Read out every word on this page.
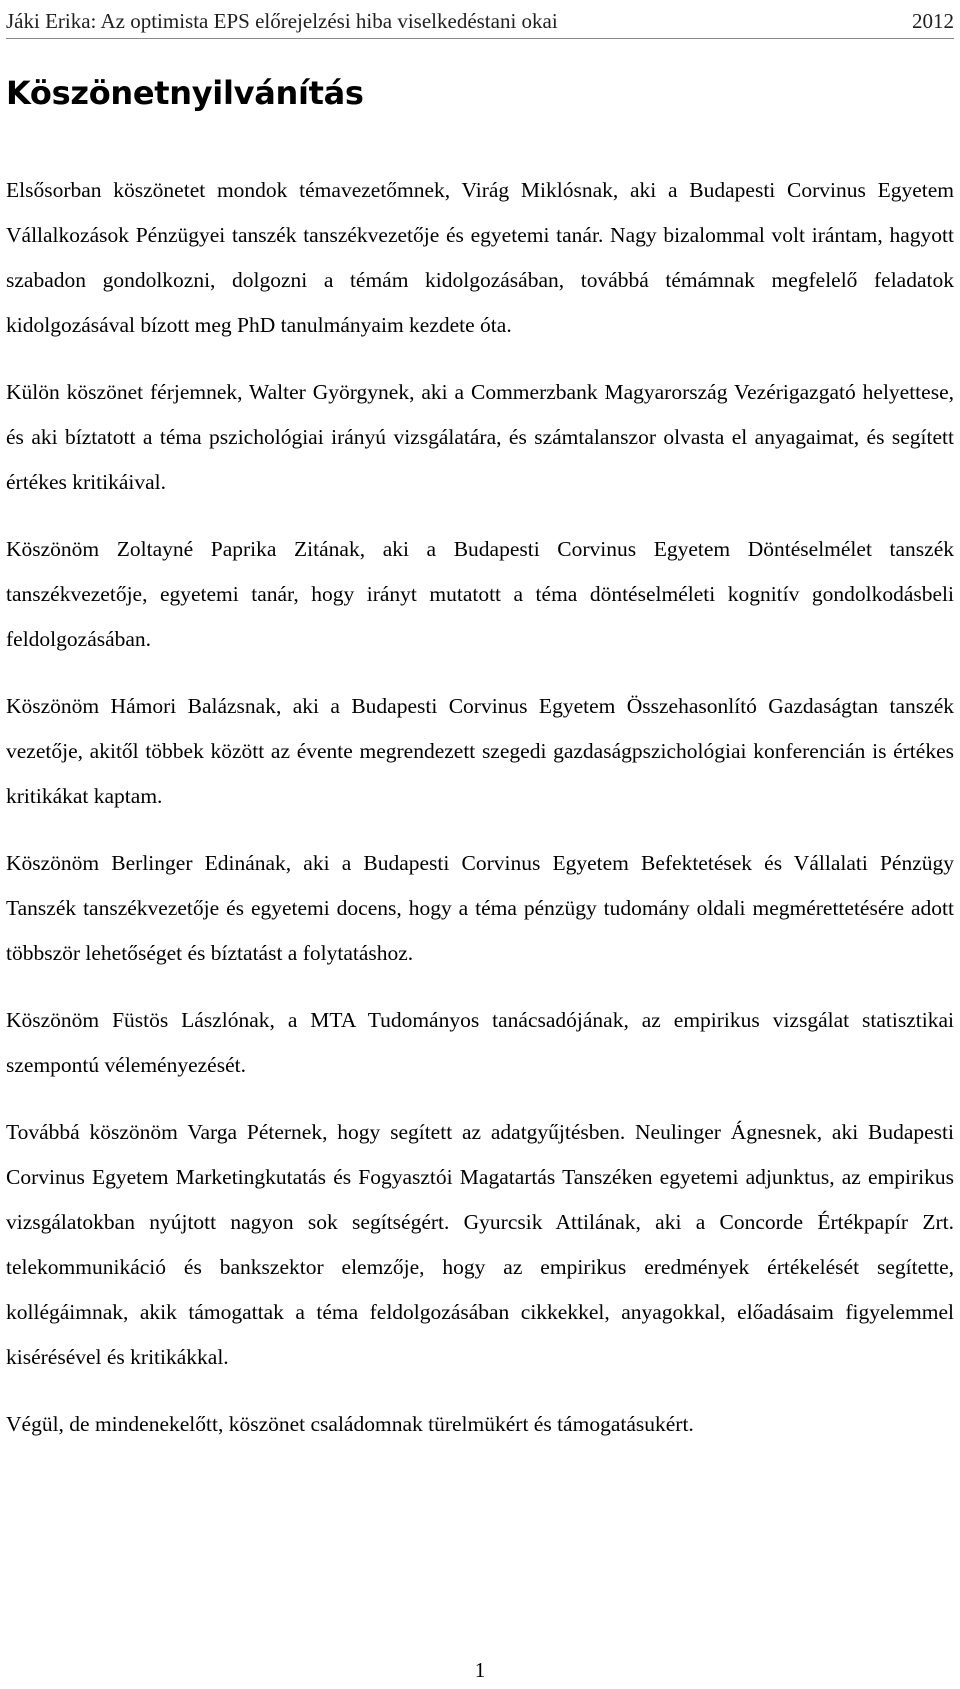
Jáki Erika: Az optimista EPS előrejelzési hiba viselkedéstani okai	2012
Köszönetnyilvánítás

Elsősorban köszönetet mondok témavezetőmnek, Virág Miklósnak, aki a Budapesti Corvinus Egyetem Vállalkozások Pénzügyei tanszék tanszékvezetője és egyetemi tanár. Nagy bizalommal volt irántam, hagyott szabadon gondolkozni, dolgozni a témám kidolgozásában, továbbá témámnak megfelelő feladatok kidolgozásával bízott meg PhD tanulmányaim kezdete óta.

Külön köszönet férjemnek, Walter Györgynek, aki a Commerzbank Magyarország Vezérigazgató helyettese, és aki bíztatott a téma pszichológiai irányú vizsgálatára, és számtalanszor olvasta el anyagaimat, és segített értékes kritikáival.

Köszönöm Zoltayné Paprika Zitának, aki a Budapesti Corvinus Egyetem Döntéselmélet tanszék tanszékvezetője, egyetemi tanár, hogy irányt mutatott a téma döntéselméleti kognitív gondolkodásbeli feldolgozásában.

Köszönöm Hámori Balázsnak, aki a Budapesti Corvinus Egyetem Összehasonlító Gazdaságtan tanszék vezetője, akitől többek között az évente megrendezett szegedi gazdaságpszichológiai konferencián is értékes kritikákat kaptam.

Köszönöm Berlinger Edinának, aki a Budapesti Corvinus Egyetem Befektetések és Vállalati Pénzügy Tanszék tanszékvezetője és egyetemi docens, hogy a téma pénzügy tudomány oldali megmérettetésére adott többször lehetőséget és bíztatást a folytatáshoz.

Köszönöm Füstös Lászlónak, a MTA Tudományos tanácsadójának, az empirikus vizsgálat statisztikai szempontú véleményezését.

Továbbá köszönöm Varga Péternek, hogy segített az adatgyűjtésben. Neulinger Ágnesnek, aki Budapesti Corvinus Egyetem Marketingkutatás és Fogyasztói Magatartás Tanszéken egyetemi adjunktus, az empirikus vizsgálatokban nyújtott nagyon sok segítségért. Gyurcsik Attilának, aki a Concorde Értékpapír Zrt. telekommunikáció és bankszektor elemzője, hogy az empirikus eredmények értékelését segítette, kollégáimnak, akik támogattak a téma feldolgozásában cikkekkel, anyagokkal, előadásaim figyelemmel kisérésével és kritikákkal.

Végül, de mindenekelőtt, köszönet családomnak türelmükért és támogatásukért.

1
